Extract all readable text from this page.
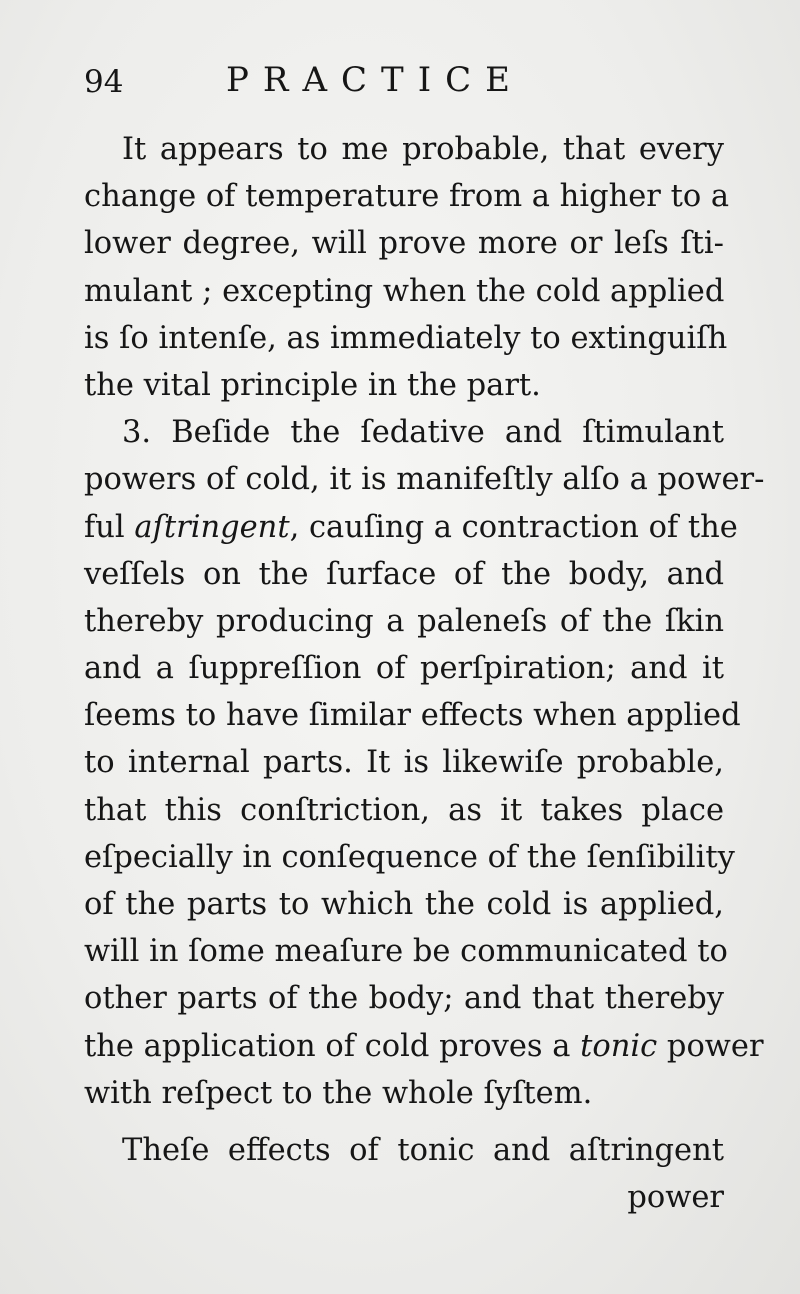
94	PRACTICE
It appears to me probable, that every
change of temperature from a higher to a
lower degree, will prove more or leſs ſti-
mulant ; excepting when the cold applied
is ſo intenſe, as immediately to extinguiſh
the vital principle in the part.
3. Beſide the ſedative and ſtimulant
powers of cold, it is manifeſtly alſo a power-
ful aſtringent, cauſing a contraction of the
veſſels on the ſurface of the body, and
thereby producing a paleneſs of the ſkin
and a ſuppreſſion of perſpiration; and it
ſeems to have ſimilar effects when applied
to internal parts. It is likewiſe probable,
that this conſtriction, as it takes place
eſpecially in conſequence of the ſenſibility
of the parts to which the cold is applied,
will in ſome meaſure be communicated to
other parts of the body; and that thereby
the application of cold proves a tonic power
with reſpect to the whole ſyſtem.
Theſe effects of tonic and aſtringent
power
